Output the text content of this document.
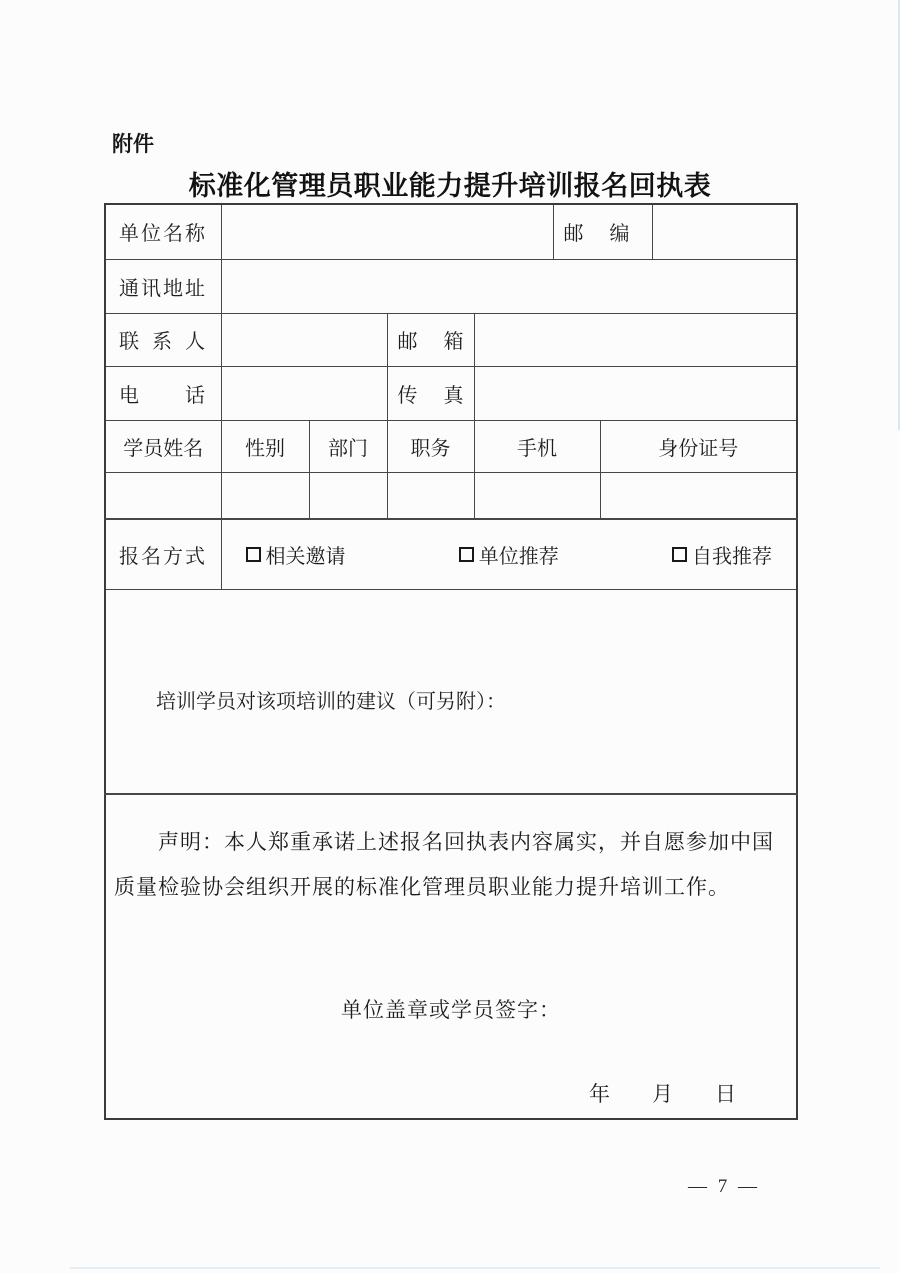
附件
标准化管理员职业能力提升培训报名回执表
单位名称					邮编		
通讯地址							
联系人			邮箱				
电话			传真				
学员姓名	性别	部门	职务	手机		身份证号	

报名方式	相关邀请 单位推荐 自我推荐						

培训学员对该项培训的建议（可另附）：							

声明：本人郑重承诺上述报名回执表内容属实，并自愿参加中国质量检验协会组织开展的标准化管理员职业能力提升培训工作。

单位盖章或学员签字：
年　　月　　日							
— 7 —
